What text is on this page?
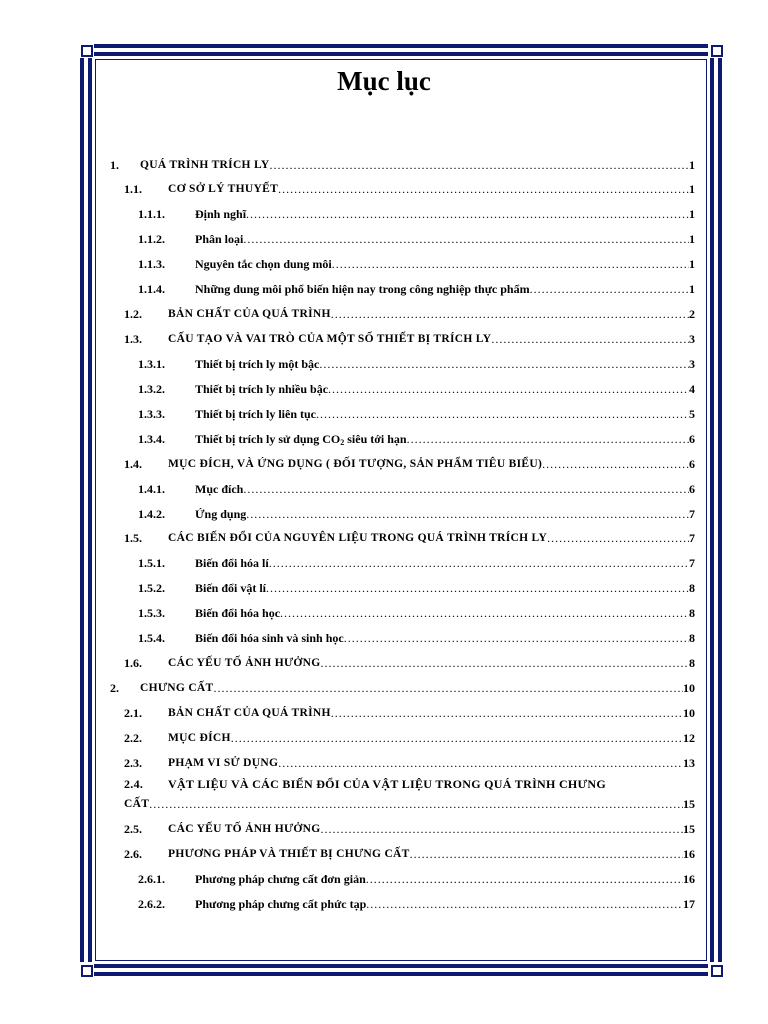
Mục lục
1.	QUÁ TRÌNH TRÍCH LY .....	1
1.1.	CƠ SỞ LÝ THUYẾT .....	1
1.1.1.	Định nghĩ .....	1
1.1.2.	Phân loại .....	1
1.1.3.	Nguyên tắc chọn dung môi .....	1
1.1.4.	Những dung môi phổ biến hiện nay trong công nghiệp thực phẩm .....	1
1.2.	BẢN CHẤT CỦA QUÁ TRÌNH .....	2
1.3.	CẤU TẠO VÀ VAI TRÒ CỦA MỘT SỐ THIẾT BỊ TRÍCH LY .....	3
1.3.1.	Thiết bị trích ly một bậc .....	3
1.3.2.	Thiết bị trích ly nhiều bậc .....	4
1.3.3.	Thiết bị trích ly liên tục .....	5
1.3.4.	Thiết bị trích ly sử dụng $CO_2$ siêu tới hạn .....	6
1.4.	MỤC ĐÍCH, VÀ ỨNG DỤNG ( ĐỐI TƯỢNG, SẢN PHẨM TIÊU BIỂU) .....	6
1.4.1.	Mục đích .....	6
1.4.2.	Ứng dụng .....	7
1.5.	CÁC BIẾN ĐỔI CỦA NGUYÊN LIỆU TRONG QUÁ TRÌNH TRÍCH LY .....	7
1.5.1.	Biến đổi hóa lí .....	7
1.5.2.	Biến đổi vật lí .....	8
1.5.3.	Biến đổi hóa học .....	8
1.5.4.	Biến đổi hóa sinh và sinh học .....	8
1.6.	CÁC YẾU TỐ ẢNH HƯỞNG .....	8
2.	CHƯNG CẤT .....	10
2.1.	BẢN CHẤT CỦA QUÁ TRÌNH .....	10
2.2.	MỤC ĐÍCH .....	12
2.3.	PHẠM VI SỬ DỤNG .....	13
2.4. VẬT LIỆU VÀ CÁC BIẾN ĐỔI CỦA VẬT LIỆU TRONG QUÁ TRÌNH CHƯNG
CẤT .....	15
2.5.	CÁC YẾU TỐ ẢNH HƯỞNG .....	15
2.6.	PHƯƠNG PHÁP VÀ THIẾT BỊ CHƯNG CẤT .....	16
2.6.1.	Phương pháp chưng cất đơn giản .....	16
2.6.2.	Phương pháp chưng cất phức tạp .....	17
